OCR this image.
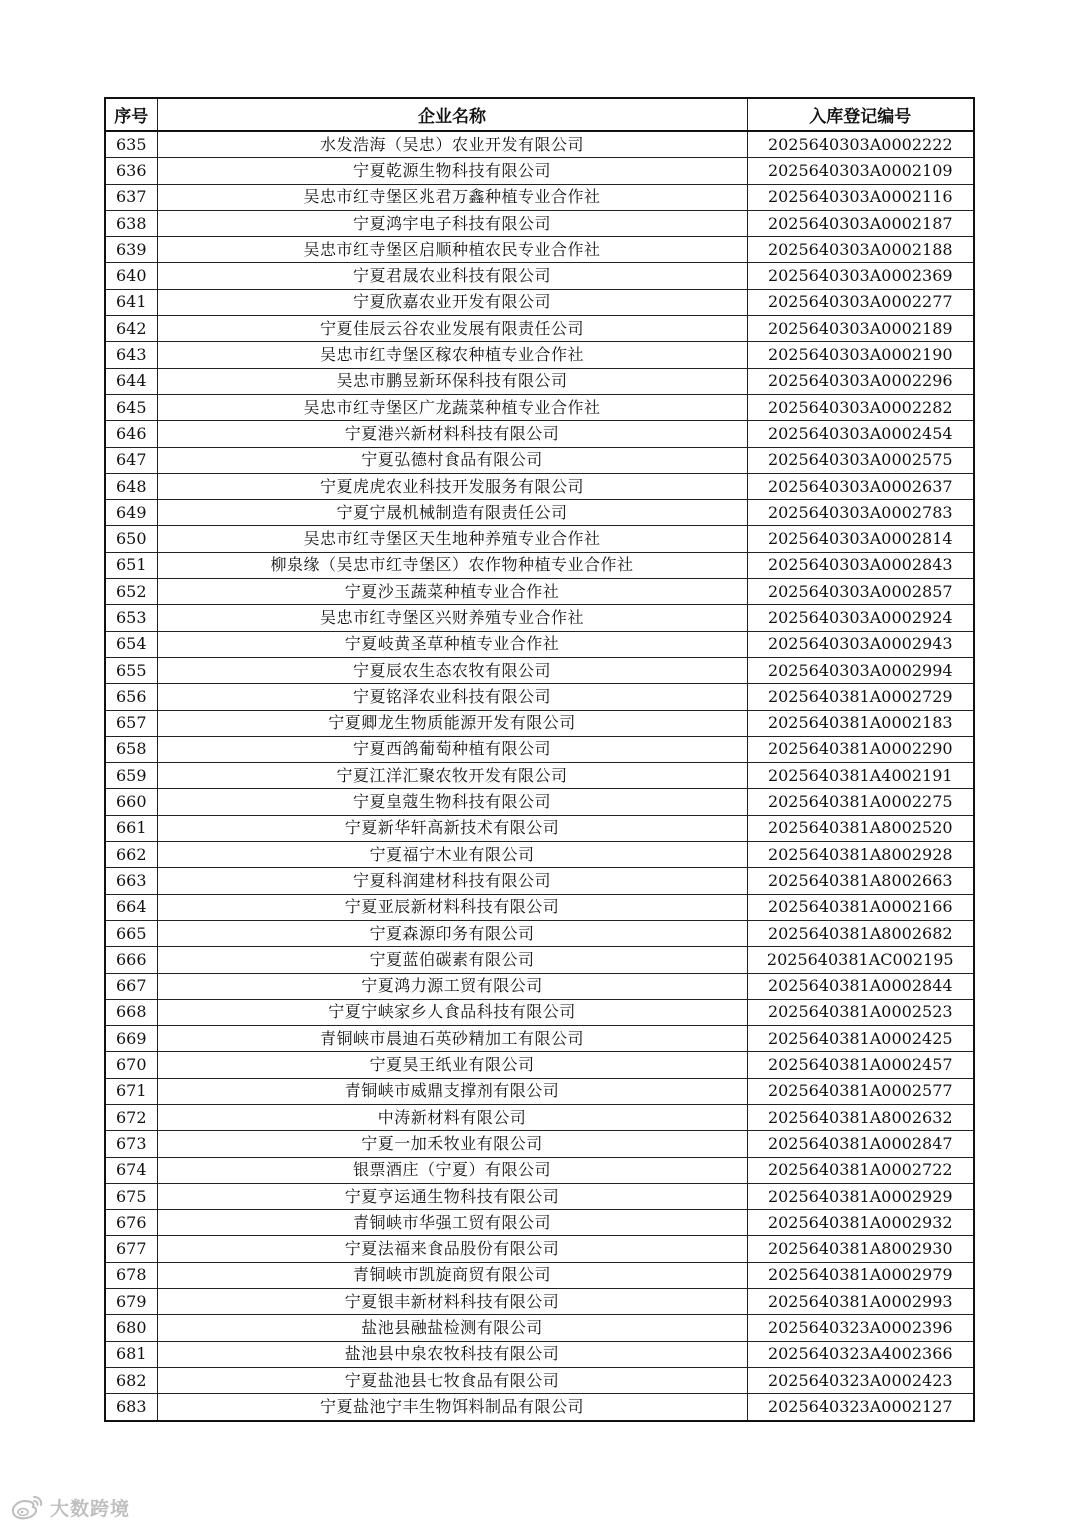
序号	企业名称	入库登记编号
635	水发浩海（吴忠）农业开发有限公司	2025640303A0002222
636	宁夏乾源生物科技有限公司	2025640303A0002109
637	吴忠市红寺堡区兆君万鑫种植专业合作社	2025640303A0002116
638	宁夏鸿宇电子科技有限公司	2025640303A0002187
639	吴忠市红寺堡区启顺种植农民专业合作社	2025640303A0002188
640	宁夏君晟农业科技有限公司	2025640303A0002369
641	宁夏欣嘉农业开发有限公司	2025640303A0002277
642	宁夏佳辰云谷农业发展有限责任公司	2025640303A0002189
643	吴忠市红寺堡区稼农种植专业合作社	2025640303A0002190
644	吴忠市鹏昱新环保科技有限公司	2025640303A0002296
645	吴忠市红寺堡区广龙蔬菜种植专业合作社	2025640303A0002282
646	宁夏港兴新材料科技有限公司	2025640303A0002454
647	宁夏弘德村食品有限公司	2025640303A0002575
648	宁夏虎虎农业科技开发服务有限公司	2025640303A0002637
649	宁夏宁晟机械制造有限责任公司	2025640303A0002783
650	吴忠市红寺堡区天生地种养殖专业合作社	2025640303A0002814
651	柳泉缘（吴忠市红寺堡区）农作物种植专业合作社	2025640303A0002843
652	宁夏沙玉蔬菜种植专业合作社	2025640303A0002857
653	吴忠市红寺堡区兴财养殖专业合作社	2025640303A0002924
654	宁夏岐黄圣草种植专业合作社	2025640303A0002943
655	宁夏辰农生态农牧有限公司	2025640303A0002994
656	宁夏铭泽农业科技有限公司	2025640381A0002729
657	宁夏卿龙生物质能源开发有限公司	2025640381A0002183
658	宁夏西鸽葡萄种植有限公司	2025640381A0002290
659	宁夏江洋汇聚农牧开发有限公司	2025640381A4002191
660	宁夏皇蔻生物科技有限公司	2025640381A0002275
661	宁夏新华轩高新技术有限公司	2025640381A8002520
662	宁夏福宁木业有限公司	2025640381A8002928
663	宁夏科润建材科技有限公司	2025640381A8002663
664	宁夏亚辰新材料科技有限公司	2025640381A0002166
665	宁夏森源印务有限公司	2025640381A8002682
666	宁夏蓝伯碳素有限公司	2025640381AC002195
667	宁夏鸿力源工贸有限公司	2025640381A0002844
668	宁夏宁峡家乡人食品科技有限公司	2025640381A0002523
669	青铜峡市晨迪石英砂精加工有限公司	2025640381A0002425
670	宁夏昊王纸业有限公司	2025640381A0002457
671	青铜峡市威鼎支撑剂有限公司	2025640381A0002577
672	中涛新材料有限公司	2025640381A8002632
673	宁夏一加禾牧业有限公司	2025640381A0002847
674	银票酒庄（宁夏）有限公司	2025640381A0002722
675	宁夏亨运通生物科技有限公司	2025640381A0002929
676	青铜峡市华强工贸有限公司	2025640381A0002932
677	宁夏法福来食品股份有限公司	2025640381A8002930
678	青铜峡市凯旋商贸有限公司	2025640381A0002979
679	宁夏银丰新材料科技有限公司	2025640381A0002993
680	盐池县融盐检测有限公司	2025640323A0002396
681	盐池县中泉农牧科技有限公司	2025640323A4002366
682	宁夏盐池县七牧食品有限公司	2025640323A0002423
683	宁夏盐池宁丰生物饵料制品有限公司	2025640323A0002127
大数跨境
